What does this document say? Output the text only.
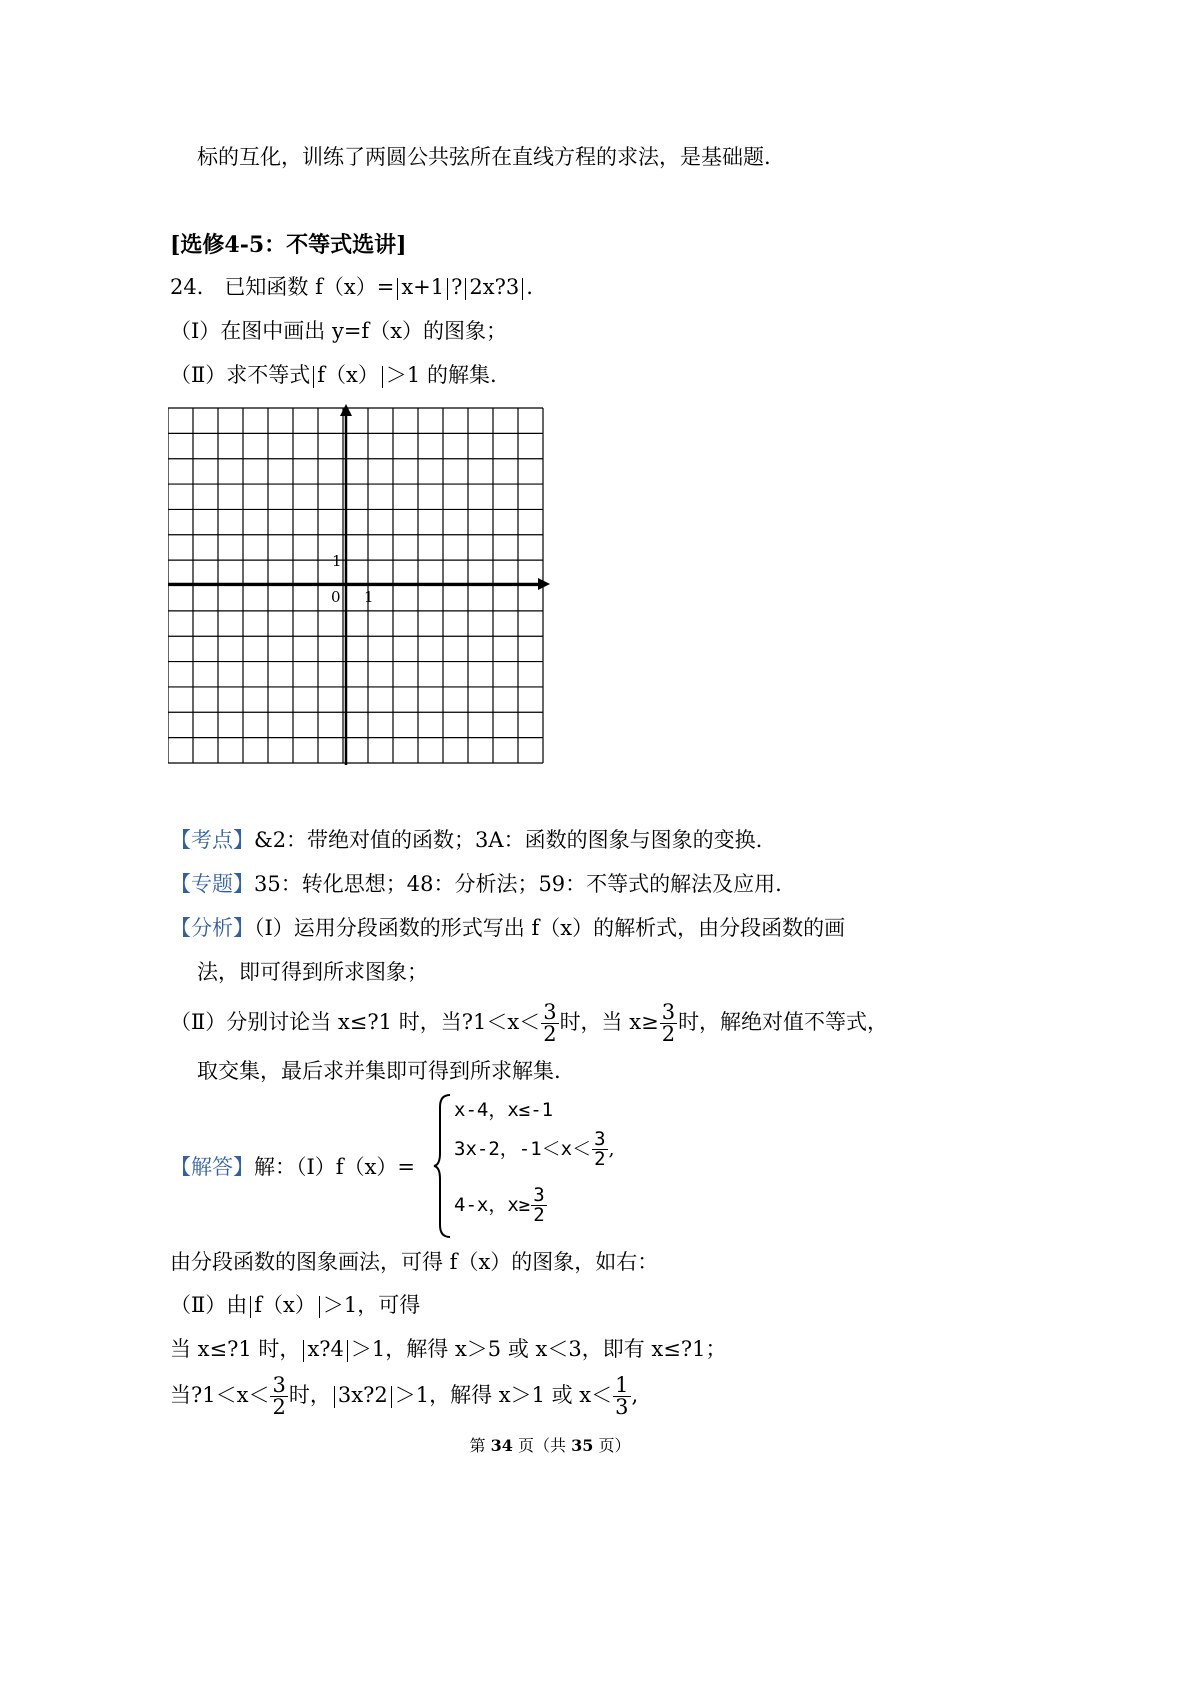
标的互化，训练了两圆公共弦所在直线方程的求法，是基础题.
[选修4-5：不等式选讲]
24． 已知函数 f（x）= x+1 ? 2x?3 .
（Ⅰ）在图中画出 y=f（x）的图象；
（Ⅱ）求不等式 f（x） ＞1 的解集.
1
0 1
【考点】&2：带绝对值的函数；3A：函数的图象与图象的变换.
【专题】35：转化思想；48：分析法；59：不等式的解法及应用.
【分析】（Ⅰ）运用分段函数的形式写出 f（x）的解析式，由分段函数的画
法，即可得到所求图象；
（Ⅱ）分别讨论当 x≤?1 时，当?1＜x＜ $\frac{3}{2}$ 时，当 $x\ge \frac{3}{2}$ 时，解绝对值不等式，
取交集，最后求并集即可得到所求解集.
【解答】解：（Ⅰ）f（x）=
x-4，x≤-1
3x-2，$-1<x< \frac{3}{2}$ ,
4-x，$x\ge \frac{3}{2}$
由分段函数的图象画法，可得 f（x）的图象，如右：
（Ⅱ）由 f（x） ＞1，可得
当 x≤?1 时， x?4 ＞1，解得 x＞5 或 x＜3，即有 x≤?1；
当?1＜x＜ $\frac{3}{2}$ 时， 3x?2 ＞1，解得 x＞1 或 $x< \frac{1}{3}$ ,
第 34 页（共 35 页）
